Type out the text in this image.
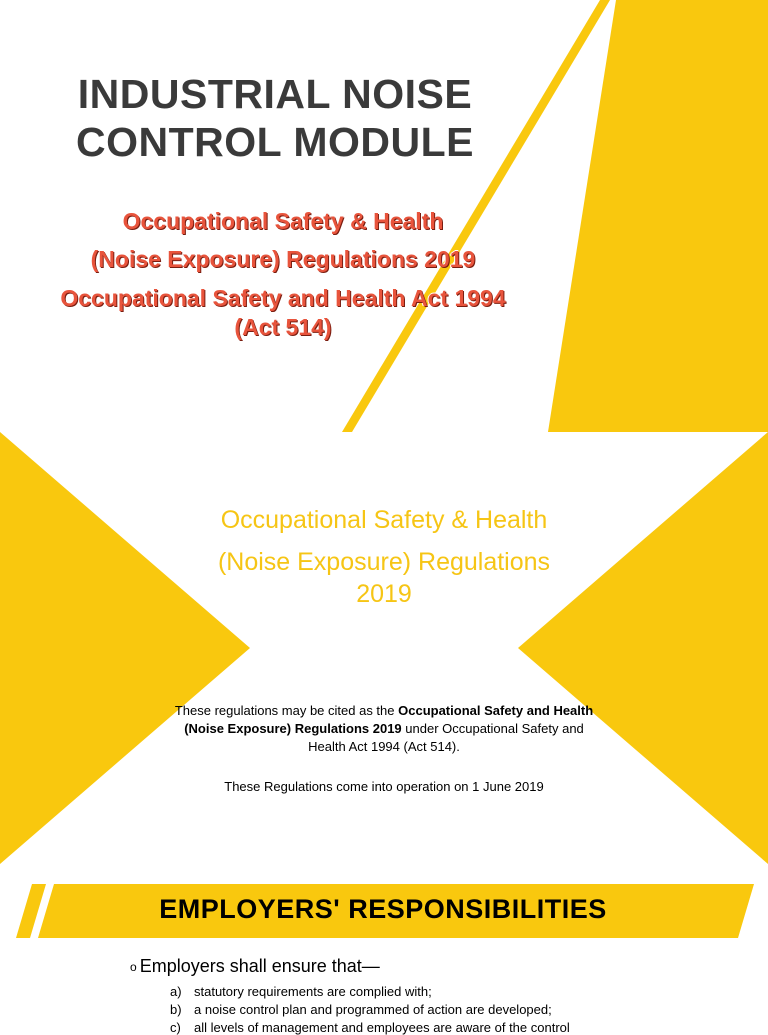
INDUSTRIAL NOISE
CONTROL MODULE
Occupational Safety & Health
(Noise Exposure) Regulations 2019
Occupational Safety and Health Act 1994
(Act 514)
Occupational Safety & Health
(Noise Exposure) Regulations
2019

These regulations may be cited as the Occupational Safety and Health (Noise Exposure) Regulations 2019 under Occupational Safety and Health Act 1994 (Act 514).

These Regulations come into operation on 1 June 2019

EMPLOYERS' RESPONSIBILITIES
o Employers shall ensure that—
a) statutory requirements are complied with;
b) a noise control plan and programmed of action are developed;
c) all levels of management and employees are aware of the control
